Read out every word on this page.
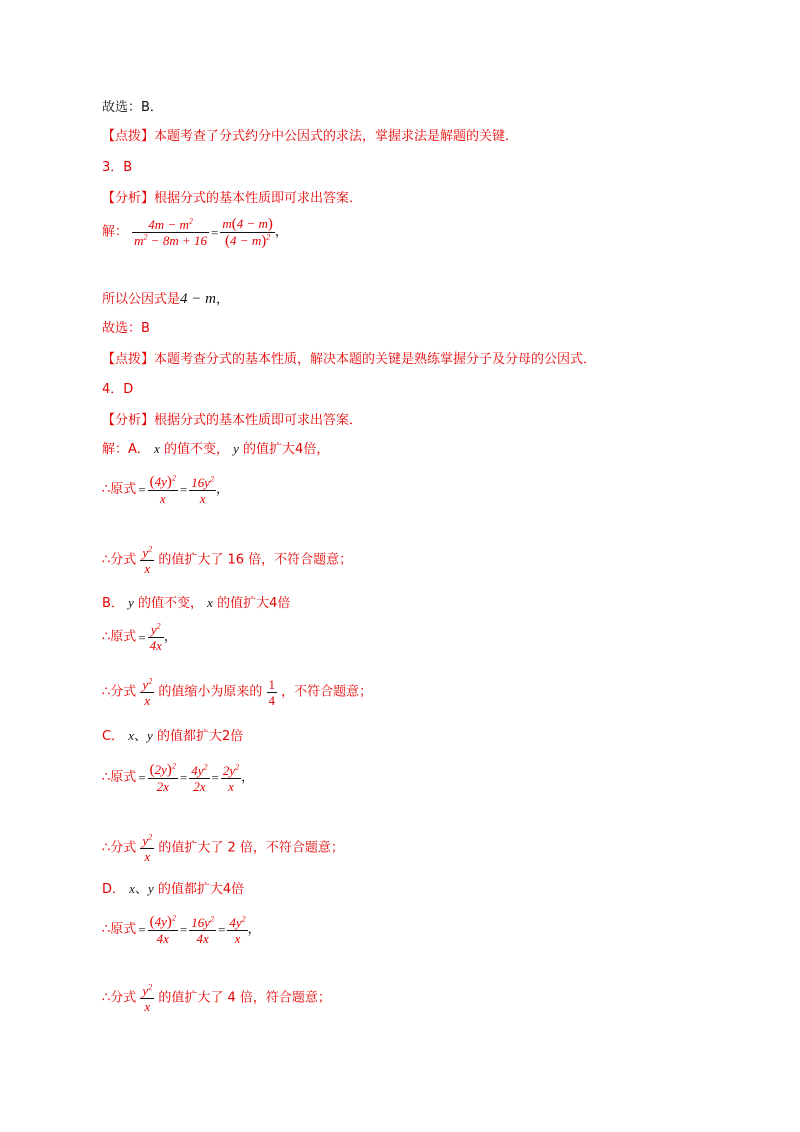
故选：B．
【点拨】本题考查了分式约分中公因式的求法，掌握求法是解题的关键．
3．B
【分析】根据分式的基本性质即可求出答案．
解： $\frac{4m - m^2}{m^2 - 8m + 16} = \frac{m(4 - m)}{(4 - m)^2}$ ，
所以公因式是4 − m，
故选：B
【点拨】本题考查分式的基本性质，解决本题的关键是熟练掌握分子及分母的公因式．
4．D
【分析】根据分式的基本性质即可求出答案．
解：A． x 的值不变， y 的值扩大4倍，
∴原式 = $\frac{(4y)^2}{x} = \frac{16y^2}{x}$ ，
∴分式 $\frac{y^2}{x}$ 的值扩大了 16 倍，不符合题意；
B． y 的值不变， x 的值扩大4倍
∴原式 = $\frac{y^2}{4x}$ ，
∴分式 $\frac{y^2}{x}$ 的值缩小为原来的 $\frac{1}{4}$ ，不符合题意；
C． x、y 的值都扩大2倍
∴原式 = $\frac{(2y)^2}{2x} = \frac{4y^2}{2x} = \frac{2y^2}{x}$ ，
∴分式 $\frac{y^2}{x}$ 的值扩大了 2 倍，不符合题意；
D． x、y 的值都扩大4倍
∴原式 = $\frac{(4y)^2}{4x} = \frac{16y^2}{4x} = \frac{4y^2}{x}$ ，
∴分式 $\frac{y^2}{x}$ 的值扩大了 4 倍，符合题意；
